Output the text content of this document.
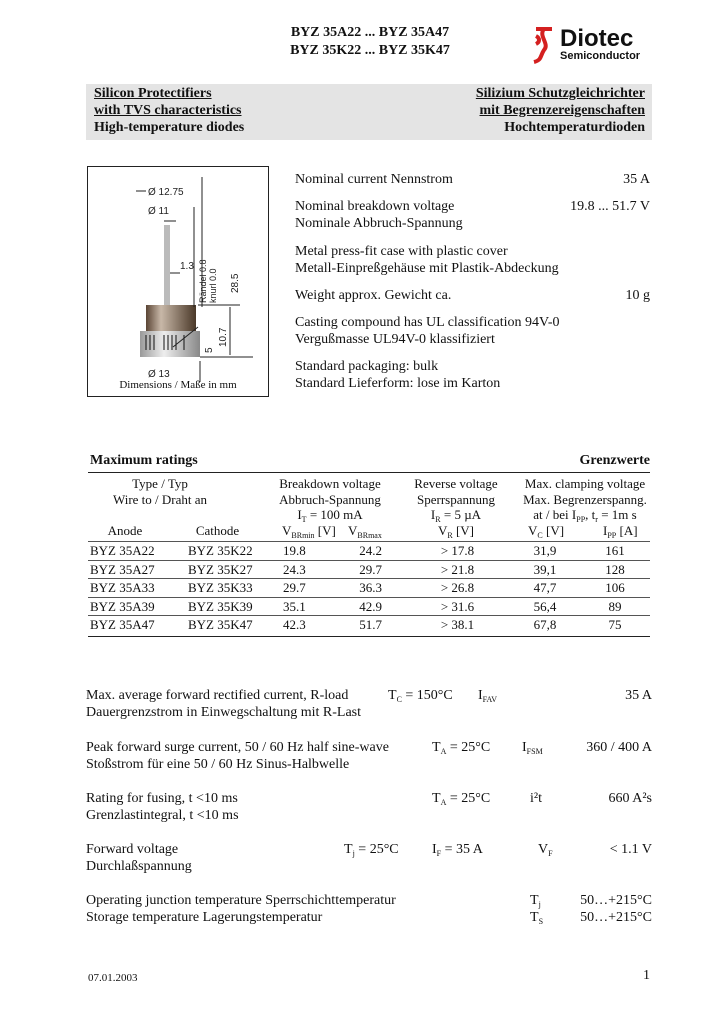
BYZ 35A22 ... BYZ 35A47
BYZ 35K22 ... BYZ 35K47	Diotec
Semiconductor
Silicon Protectifiers
with TVS characteristics
High-temperature diodes
Silizium Schutzgleichrichter
mit Begrenzereigenschaften
Hochtemperaturdioden
Ø 12.75
Ø 11
1.3
Ø 13
28.5
10.7
5
Rändel 0.8 knurl 0.0
Dimensions / Maße in mm
Nominal current Nennstrom	35 A
Nominal breakdown voltage
Nominale Abbruch-Spannung
19.8 ... 51.7 V
Metal press-fit case with plastic cover
Metall-Einpreßgehäuse mit Plastik-Abdeckung
Weight approx. Gewicht ca.	10 g
Casting compound has UL classification 94V-0
Vergußmasse UL94V-0 klassifiziert
Standard packaging: bulk
Standard Lieferform: lose im Karton
Maximum ratings	Grenzwerte
Type / Typ
Wire to / Draht an
Anode	Cathode
Breakdown voltage
Abbruch-Spannung
$I_T = 100$ mA
$V_{BRmin}$ [V] $V_{BRmax}$
Reverse voltage
Sperrspannung
$I_R = 5$ µA
$V_R$ [V]
Max. clamping voltage
Max. Begrenzerspanng.
at / bei $I_{PP}$, $t_r = 1m$ s
$V_C$ [V]	$I_{PP}$ [A]
BYZ 35A22	BYZ 35K22 19.8	24.2	> 17.8	31,9	161
BYZ 35A27	BYZ 35K27 24.3	29.7	> 21.8	39,1	128
BYZ 35A33	BYZ 35K33 29.7	36.3	> 26.8	47,7	106
BYZ 35A39	BYZ 35K39 35.1	42.9	> 31.6	56,4	89
BYZ 35A47	BYZ 35K47 42.3	51.7	> 38.1	67,8	75
Max. average forward rectified current, R-load
Dauergrenzstrom in Einwegschaltung mit R-Last
$T_C = 150^\circ C$ $I_{FAV}$	35 A
Peak forward surge current, 50 / 60 Hz half sine-wave
Stoßstrom für eine 50 / 60 Hz Sinus-Halbwelle
$T_A = 25^\circ C$ $I_{FSM}$	360 / 400 A
Rating for fusing, t <10 ms
Grenzlastintegral, t <10 ms
$T_A = 25^\circ C$	i²t	660 A²s
Forward voltage
Durchlaßspannung
$T_j = 25^\circ C$ $I_F = 35$ A	$V_F$	< 1.1 V
Operating junction temperature Sperrschichttemperatur	$T_j$	50…+215°C
Storage temperature Lagerungstemperatur	$T_S$	50…+215°C
07.01.2003	1
